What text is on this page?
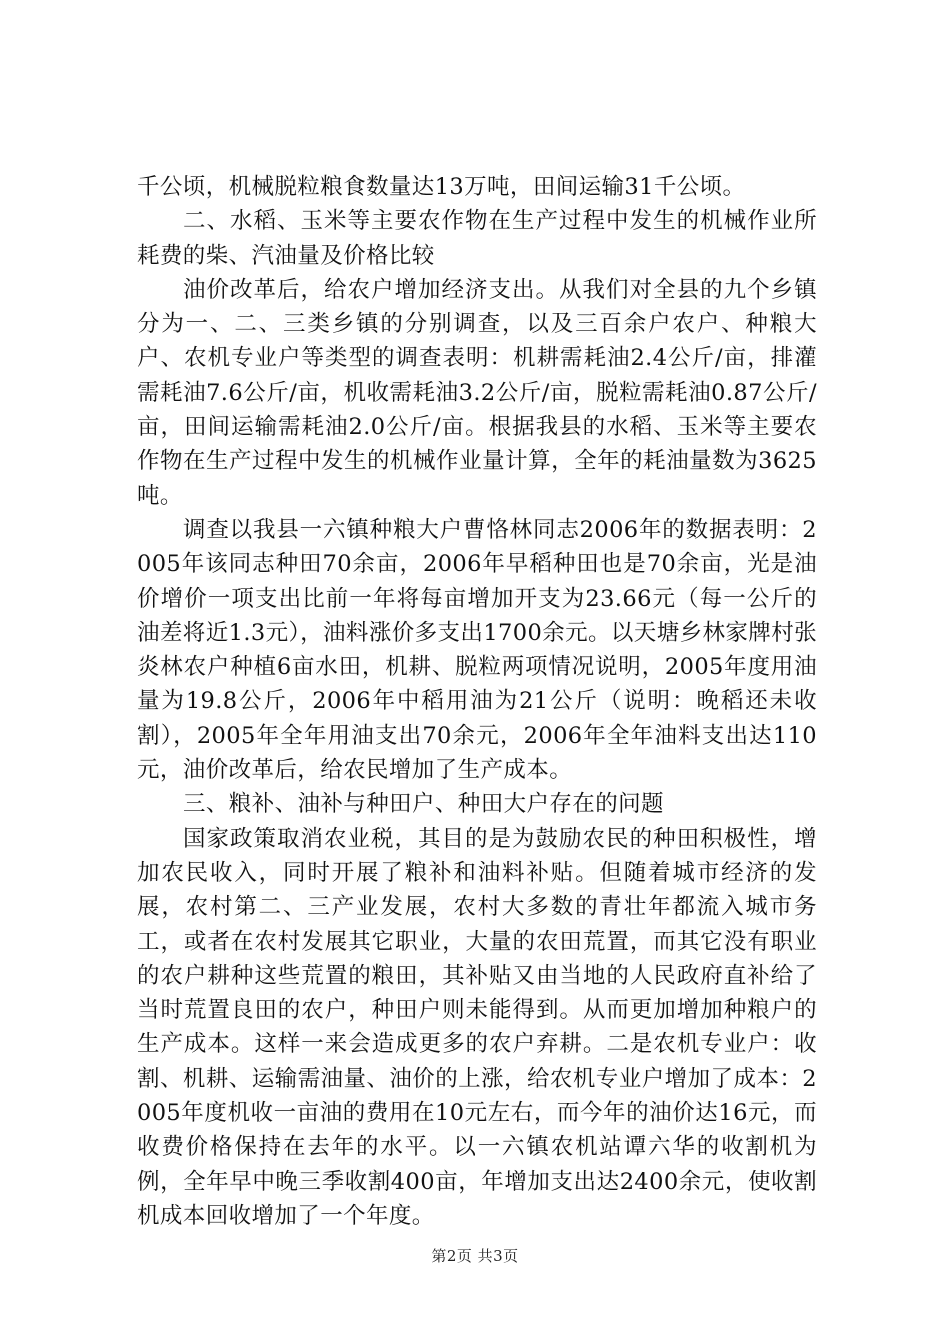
千公顷，机械脱粒粮食数量达13万吨，田间运输31千公顷。

二、水稻、玉米等主要农作物在生产过程中发生的机械作业所耗费的柴、汽油量及价格比较

油价改革后，给农户增加经济支出。从我们对全县的九个乡镇分为一、二、三类乡镇的分别调查，以及三百余户农户、种粮大户、农机专业户等类型的调查表明：机耕需耗油2.4公斤/亩，排灌需耗油7.6公斤/亩，机收需耗油3.2公斤/亩，脱粒需耗油0.87公斤/亩，田间运输需耗油2.0公斤/亩。根据我县的水稻、玉米等主要农作物在生产过程中发生的机械作业量计算，全年的耗油量数为3625吨。

调查以我县一六镇种粮大户曹恪林同志2006年的数据表明：2005年该同志种田70余亩，2006年早稻种田也是70余亩，光是油价增价一项支出比前一年将每亩增加开支为23.66元（每一公斤的油差将近1.3元），油料涨价多支出1700余元。以天塘乡林家牌村张炎林农户种植6亩水田，机耕、脱粒两项情况说明，2005年度用油量为19.8公斤，2006年中稻用油为21公斤（说明：晚稻还未收割），2005年全年用油支出70余元，2006年全年油料支出达110元，油价改革后，给农民增加了生产成本。

三、粮补、油补与种田户、种田大户存在的问题

国家政策取消农业税，其目的是为鼓励农民的种田积极性，增加农民收入，同时开展了粮补和油料补贴。但随着城市经济的发展，农村第二、三产业发展，农村大多数的青壮年都流入城市务工，或者在农村发展其它职业，大量的农田荒置，而其它没有职业的农户耕种这些荒置的粮田，其补贴又由当地的人民政府直补给了当时荒置良田的农户，种田户则未能得到。从而更加增加种粮户的生产成本。这样一来会造成更多的农户弃耕。二是农机专业户：收割、机耕、运输需油量、油价的上涨，给农机专业户增加了成本：2005年度机收一亩油的费用在10元左右，而今年的油价达16元，而收费价格保持在去年的水平。以一六镇农机站谭六华的收割机为例，全年早中晚三季收割400亩，年增加支出达2400余元，使收割机成本回收增加了一个年度。

第2页 共3页
